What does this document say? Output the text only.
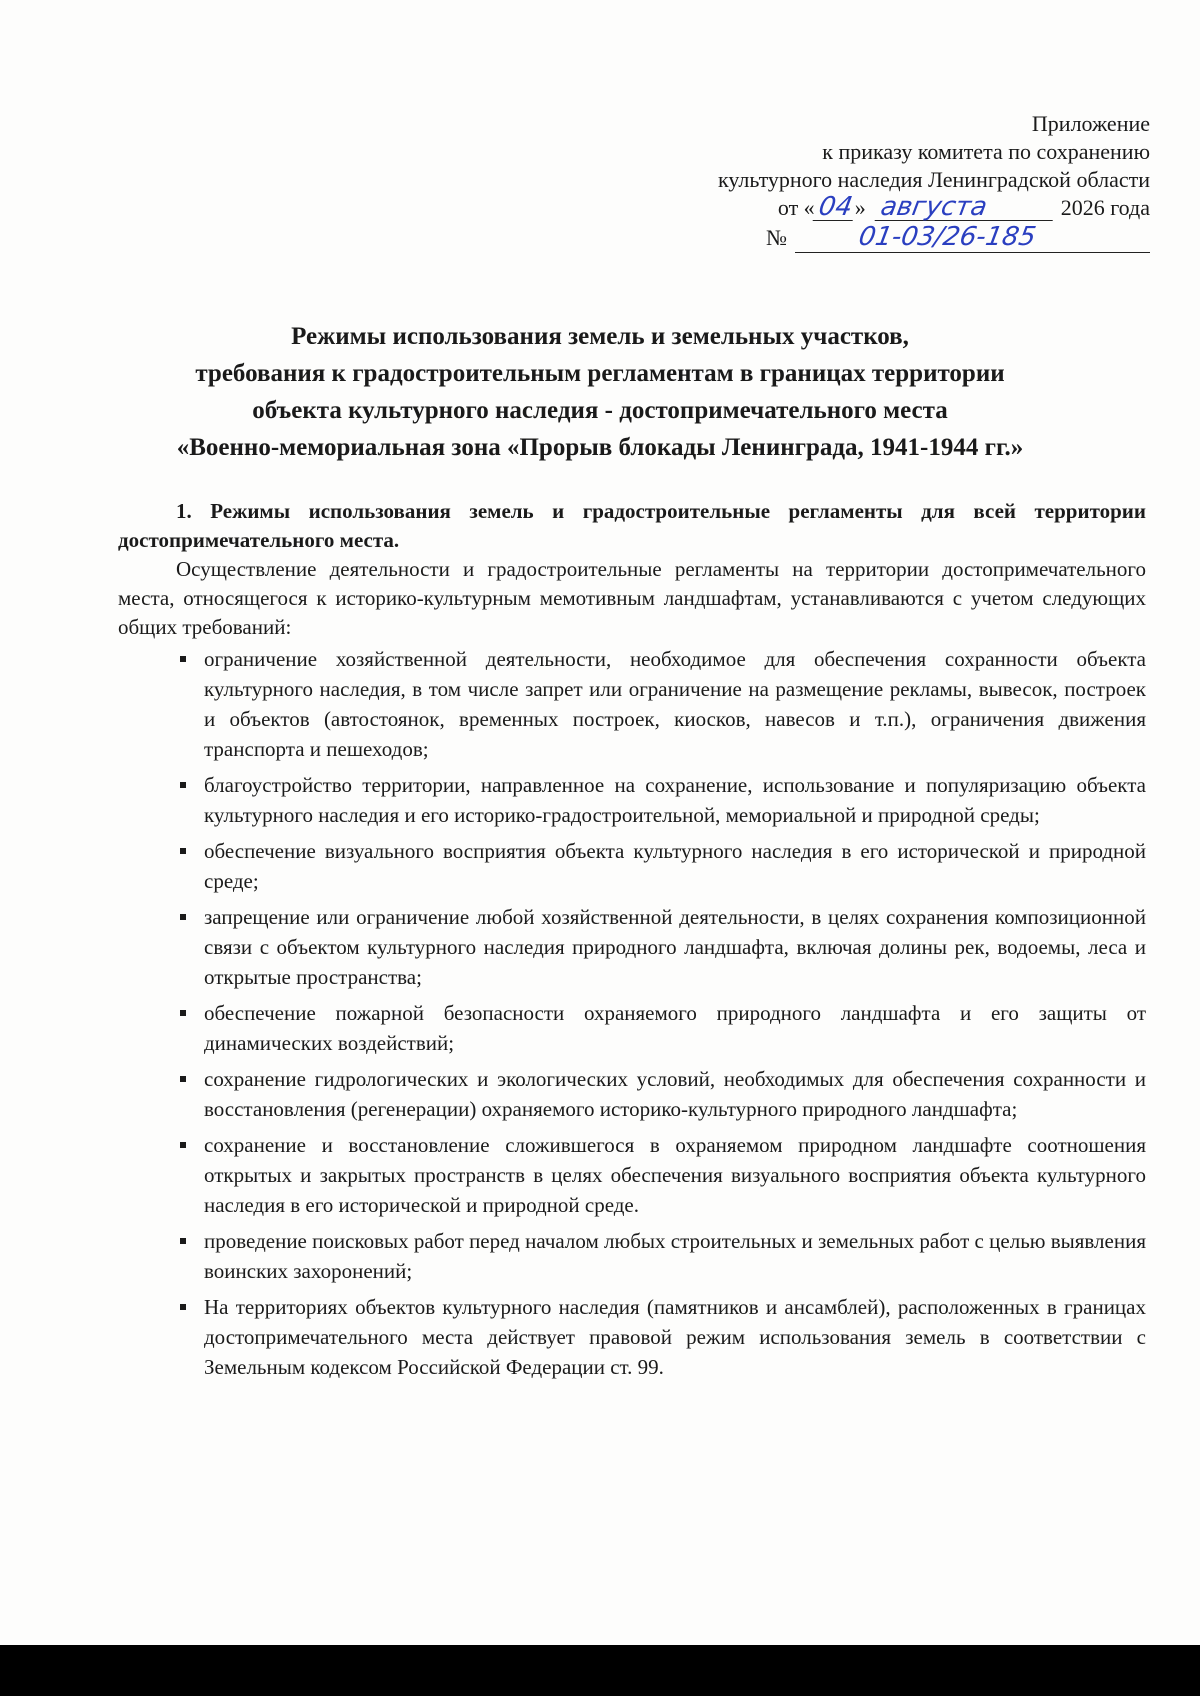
Приложение
к приказу комитета по сохранению
культурного наследия Ленинградской области
от «04» августа	2026 года
№	01-03/26-185
Режимы использования земель и земельных участков,
требования к градостроительным регламентам в границах территории
объекта культурного наследия - достопримечательного места
«Военно-мемориальная зона «Прорыв блокады Ленинграда, 1941-1944 гг.»

1. Режимы использования земель и градостроительные регламенты для всей территории достопримечательного места.

Осуществление деятельности и градостроительные регламенты на территории достопримечательного места, относящегося к историко-культурным мемотивным ландшафтам, устанавливаются с учетом следующих общих требований:

ограничение хозяйственной деятельности, необходимое для обеспечения сохранности объекта культурного наследия, в том числе запрет или ограничение на размещение рекламы, вывесок, построек и объектов (автостоянок, временных построек, киосков, навесов и т.п.), ограничения движения транспорта и пешеходов;
благоустройство территории, направленное на сохранение, использование и популяризацию объекта культурного наследия и его историко-градостроительной, мемориальной и природной среды;
обеспечение визуального восприятия объекта культурного наследия в его исторической и природной среде;
запрещение или ограничение любой хозяйственной деятельности, в целях сохранения композиционной связи с объектом культурного наследия природного ландшафта, включая долины рек, водоемы, леса и открытые пространства;
обеспечение пожарной безопасности охраняемого природного ландшафта и его защиты от динамических воздействий;
сохранение гидрологических и экологических условий, необходимых для обеспечения сохранности и восстановления (регенерации) охраняемого историко-культурного природного ландшафта;
сохранение и восстановление сложившегося в охраняемом природном ландшафте соотношения открытых и закрытых пространств в целях обеспечения визуального восприятия объекта культурного наследия в его исторической и природной среде.
проведение поисковых работ перед началом любых строительных и земельных работ с целью выявления воинских захоронений;
На территориях объектов культурного наследия (памятников и ансамблей), расположенных в границах достопримечательного места действует правовой режим использования земель в соответствии с Земельным кодексом Российской Федерации ст. 99.
